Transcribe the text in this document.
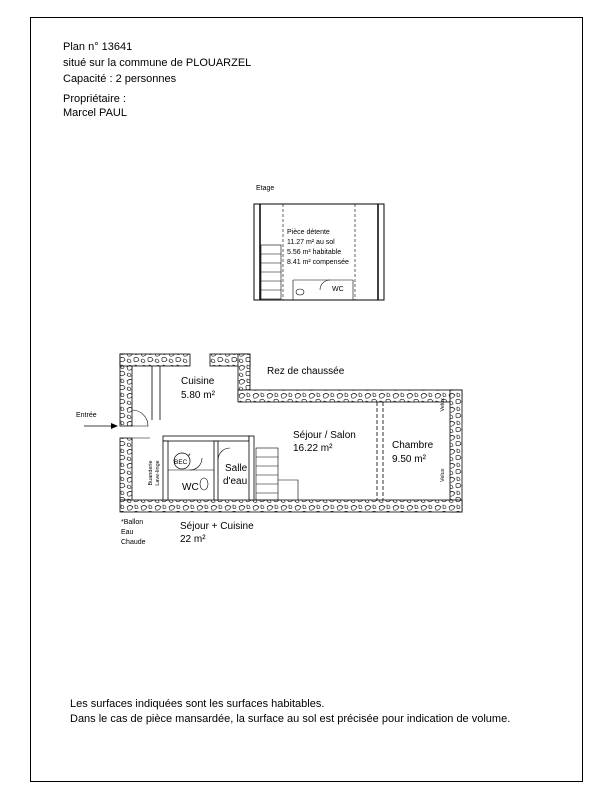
Plan n° 13641
situé sur la commune de PLOUARZEL
Capacité : 2 personnes
Propriétaire :
Marcel PAUL
Etage
Pièce détente
11.27 m² au sol
5.56 m² habitable
8.41 m² compensée
WC
Rez de chaussée
Entrée
Cuisine
5.80 m²
Séjour / Salon
16.22 m²	Chambre
9.50 m²
Salle
d'eau
WC
BEC
*
Buanderie Lave-linge
Velux
Velux
*Ballon
Eau
Chaude
Séjour + Cuisine
22 m²
Les surfaces indiquées sont les surfaces habitables.
Dans le cas de pièce mansardée, la surface au sol est précisée pour indication de volume.
